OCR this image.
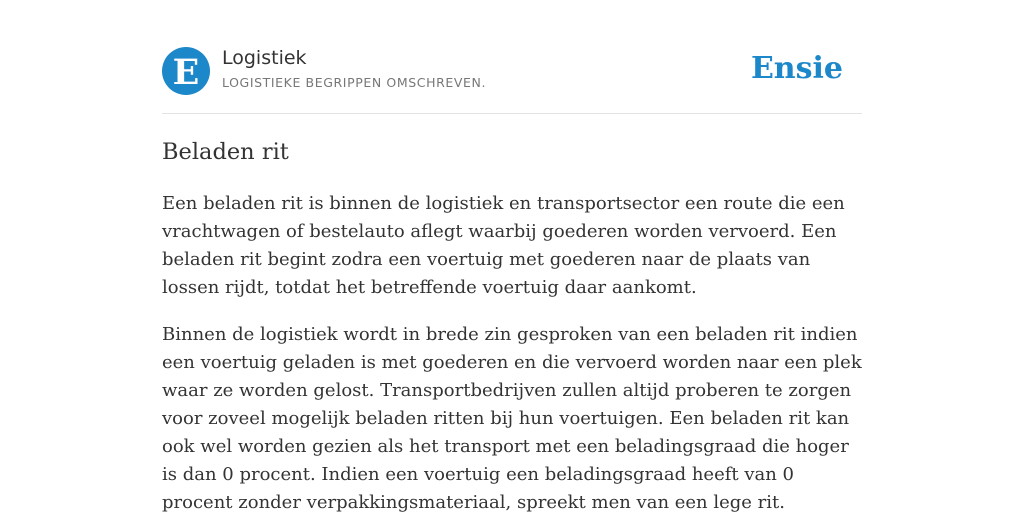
E Logistiek
LOGISTIEKE BEGRIPPEN OMSCHREVEN.	Ensie
Beladen rit

Een beladen rit is binnen de logistiek en transportsector een route die een vrachtwagen of bestelauto aflegt waarbij goederen worden vervoerd. Een beladen rit begint zodra een voertuig met goederen naar de plaats van lossen rijdt, totdat het betreffende voertuig daar aankomt.

Binnen de logistiek wordt in brede zin gesproken van een beladen rit indien een voertuig geladen is met goederen en die vervoerd worden naar een plek waar ze worden gelost. Transportbedrijven zullen altijd proberen te zorgen voor zoveel mogelijk beladen ritten bij hun voertuigen. Een beladen rit kan ook wel worden gezien als het transport met een beladingsgraad die hoger is dan 0 procent. Indien een voertuig een beladingsgraad heeft van 0 procent zonder verpakkingsmateriaal, spreekt men van een lege rit.
